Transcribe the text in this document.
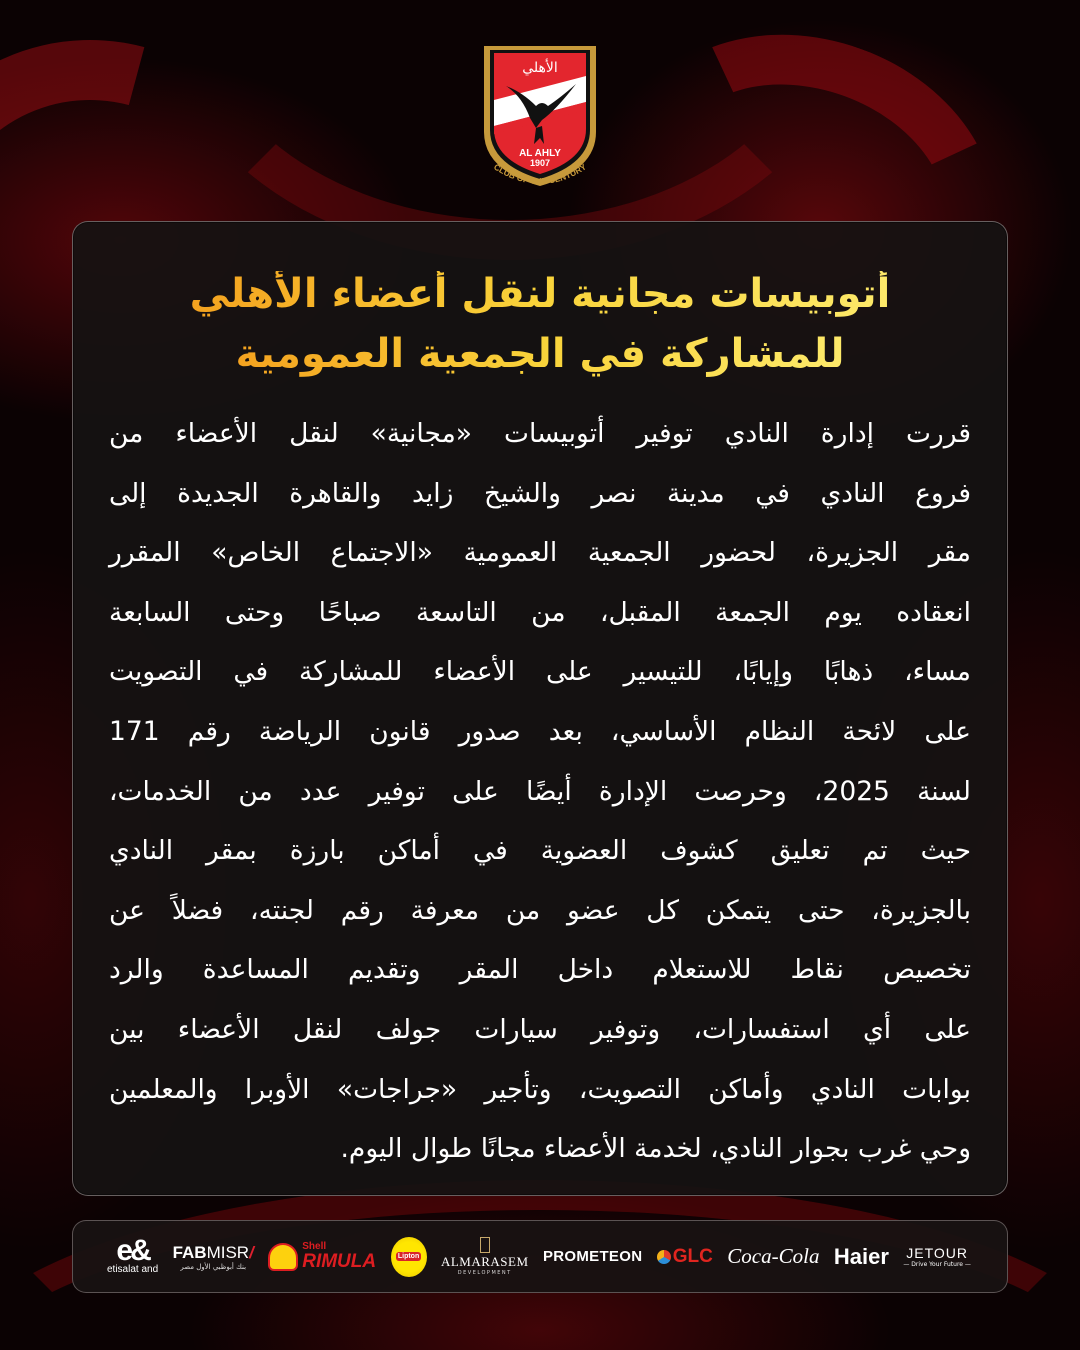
الأهلي
AL AHLY
1907
CLUB OF THE CENTURY
أتوبيسات مجانية لنقل أعضاء الأهلي
للمشاركة في الجمعية العمومية
قررت إدارة النادي توفير أتوبيسات «مجانية» لنقل الأعضاء من
فروع النادي في مدينة نصر والشيخ زايد والقاهرة الجديدة إلى
مقر الجزيرة، لحضور الجمعية العمومية «الاجتماع الخاص» المقرر
انعقاده يوم الجمعة المقبل، من التاسعة صباحًا وحتى السابعة
مساء، ذهابًا وإيابًا، للتيسير على الأعضاء للمشاركة في التصويت
على لائحة النظام الأساسي، بعد صدور قانون الرياضة رقم 171
لسنة 2025، وحرصت الإدارة أيضًا على توفير عدد من الخدمات،
حيث تم تعليق كشوف العضوية في أماكن بارزة بمقر النادي
بالجزيرة، حتى يتمكن كل عضو من معرفة رقم لجنته، فضلاً عن
تخصيص نقاط للاستعلام داخل المقر وتقديم المساعدة والرد
على أي استفسارات، وتوفير سيارات جولف لنقل الأعضاء بين
بوابات النادي وأماكن التصويت، وتأجير «جراجات» الأوبرا والمعلمين
وحي غرب بجوار النادي، لخدمة الأعضاء مجانًا طوال اليوم.
e&
etisalat and
FABMISR/
بنك أبوظبي الأول مصر
Shell
RIMULA	Lipton ALMARASEM
DEVELOPMENT
PROMETEON GLC Coca-Cola Haier JETOUR
— Drive Your Future —
